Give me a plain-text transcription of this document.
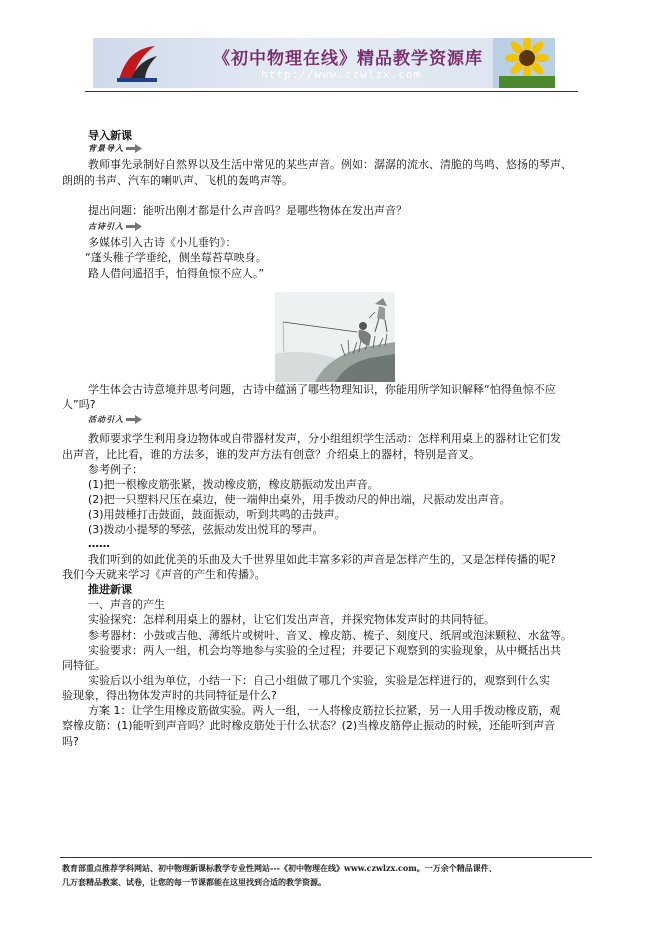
《初中物理在线》精品教学资源库
http://www.czwlzx.com
导入新课
背景导入
教师事先录制好自然界以及生活中常见的某些声音。例如：潺潺的流水、清脆的鸟鸣、悠扬的琴声、
朗朗的书声、汽车的喇叭声、飞机的轰鸣声等。
提出问题：能听出刚才都是什么声音吗？是哪些物体在发出声音？
古诗引入
多媒体引入古诗《小儿垂钓》：
“蓬头稚子学垂纶，侧坐莓苔草映身。
路人借问遥招手，怕得鱼惊不应人。”
学生体会古诗意境并思考问题，古诗中蕴涵了哪些物理知识，你能用所学知识解释“怕得鱼惊不应
人”吗?
活动引入
教师要求学生利用身边物体或自带器材发声，分小组组织学生活动：怎样利用桌上的器材让它们发
出声音，比比看，谁的方法多，谁的发声方法有创意？介绍桌上的器材，特别是音叉。
参考例子：
(1)把一根橡皮筋张紧，拨动橡皮筋，橡皮筋振动发出声音。
(2)把一只塑料尺压在桌边，使一端伸出桌外，用手拨动尺的伸出端，尺振动发出声音。
(3)用鼓棰打击鼓面，鼓面振动，听到共鸣的击鼓声。
(3)拨动小提琴的琴弦，弦振动发出悦耳的琴声。
……
我们听到的如此优美的乐曲及大千世界里如此丰富多彩的声音是怎样产生的，又是怎样传播的呢?
我们今天就来学习《声音的产生和传播》。
推进新课
一、声音的产生
实验探究：怎样利用桌上的器材，让它们发出声音，并探究物体发声时的共同特征。
参考器材：小鼓或吉他、薄纸片或树叶、音叉、橡皮筋、梳子、刻度尺、纸屑或泡沫颗粒、水盆等。
实验要求：两人一组，机会均等地参与实验的全过程；并要记下观察到的实验现象，从中概括出共
同特征。
实验后以小组为单位，小结一下：自己小组做了哪几个实验，实验是怎样进行的，观察到什么实
验现象，得出物体发声时的共同特征是什么?
方案 1：让学生用橡皮筋做实验。两人一组，一人将橡皮筋拉长拉紧，另一人用手拨动橡皮筋，观
察橡皮筋：(1)能听到声音吗？此时橡皮筋处于什么状态？(2)当橡皮筋停止振动的时候，还能听到声音
吗?
教育部重点推荐学科网站、初中物理新课标教学专业性网站---《初中物理在线》www.czwlzx.com。一万余个精品课件、
几万套精品教案、试卷，让您的每一节课都能在这里找到合适的教学资源。
